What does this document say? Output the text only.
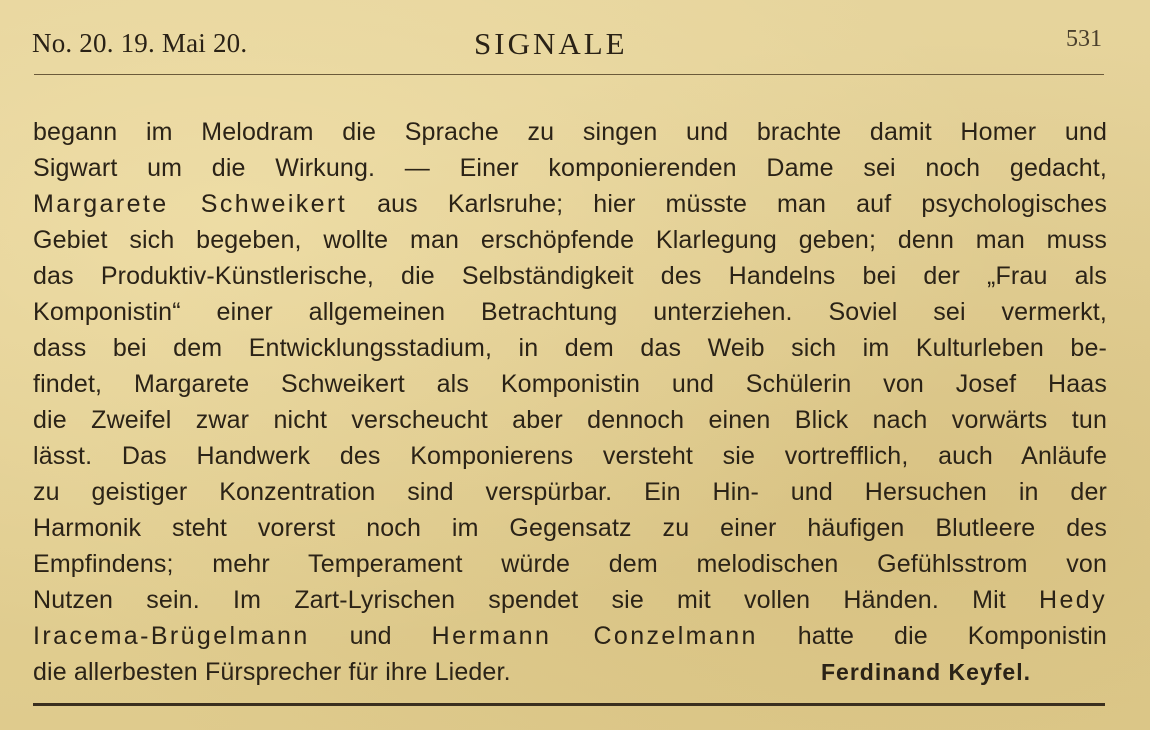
No. 20. 19. Mai 20.	SIGNALE	531
begann im Melodram die Sprache zu singen und brachte damit Homer und
Sigwart um die Wirkung. — Einer komponierenden Dame sei noch gedacht,
Margarete Schweikert aus Karlsruhe; hier müsste man auf psychologisches
Gebiet sich begeben, wollte man erschöpfende Klarlegung geben; denn man muss
das Produktiv-Künstlerische, die Selbständigkeit des Handelns bei der „Frau als
Komponistin“ einer allgemeinen Betrachtung unterziehen. Soviel sei vermerkt,
dass bei dem Entwicklungsstadium, in dem das Weib sich im Kulturleben be-
findet, Margarete Schweikert als Komponistin und Schülerin von Josef Haas
die Zweifel zwar nicht verscheucht aber dennoch einen Blick nach vorwärts tun
lässt. Das Handwerk des Komponierens versteht sie vortrefflich, auch Anläufe
zu geistiger Konzentration sind verspürbar. Ein Hin- und Hersuchen in der
Harmonik steht vorerst noch im Gegensatz zu einer häufigen Blutleere des
Empfindens; mehr Temperament würde dem melodischen Gefühlsstrom von
Nutzen sein. Im Zart-Lyrischen spendet sie mit vollen Händen. Mit Hedy
Iracema-Brügelmann und Hermann Conzelmann hatte die Komponistin
die allerbesten Fürsprecher für ihre Lieder.	Ferdinand Keyfel.
